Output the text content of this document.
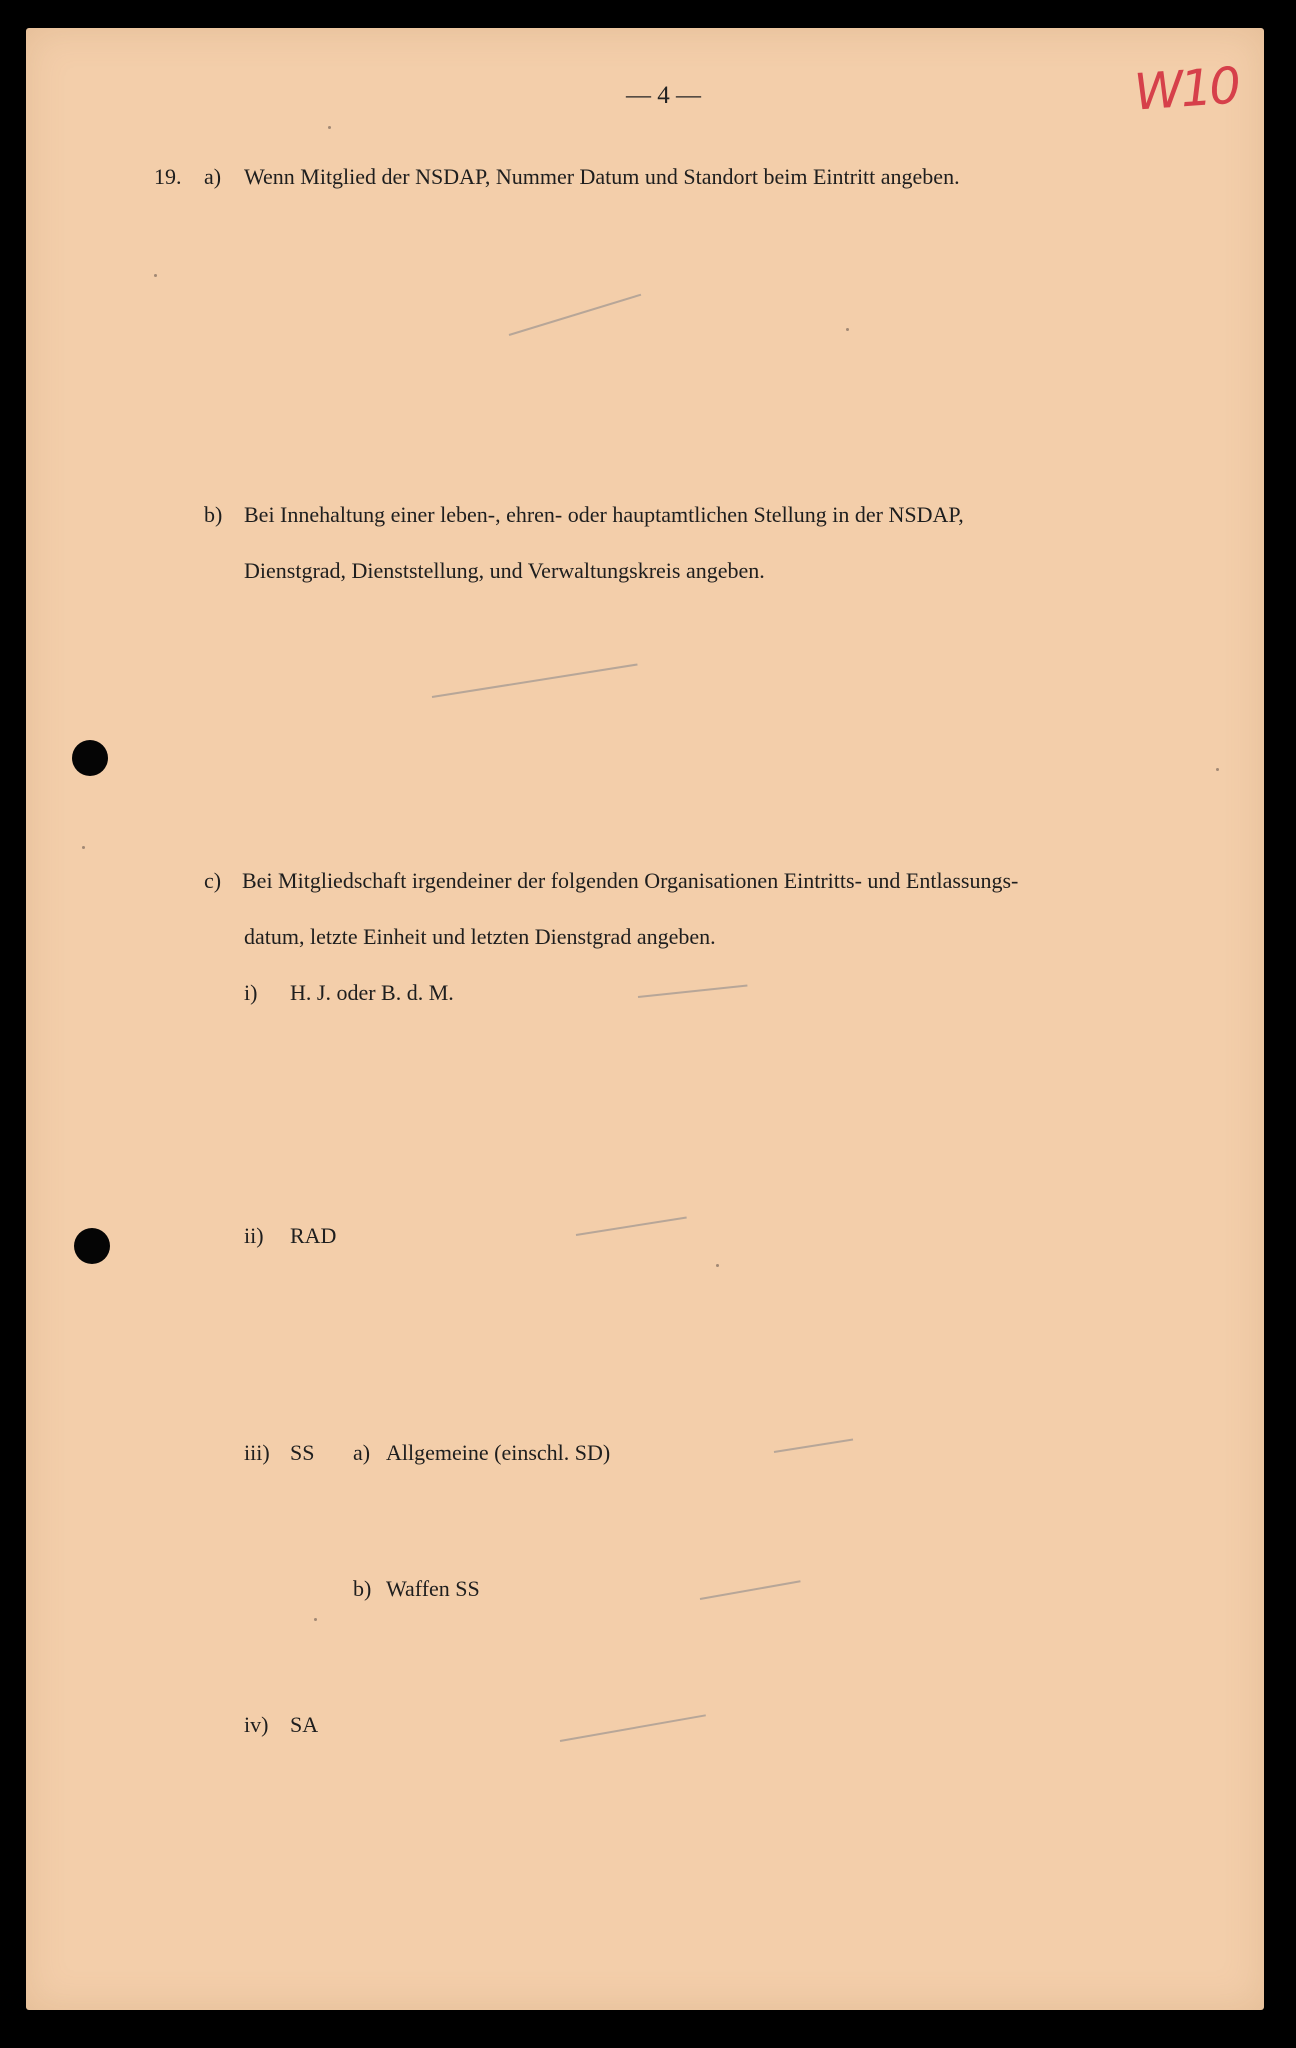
— 4 —	W10
19. a) Wenn Mitglied der NSDAP, Nummer Datum und Standort beim Eintritt angeben.
b) Bei Innehaltung einer leben-, ehren- oder hauptamtlichen Stellung in der NSDAP,
Dienstgrad, Dienststellung, und Verwaltungskreis angeben.
c) Bei Mitgliedschaft irgendeiner der folgenden Organisationen Eintritts- und Entlassungs-
datum, letzte Einheit und letzten Dienstgrad angeben.
i) H. J. oder B. d. M.
ii) RAD
iii) SS a) Allgemeine (einschl. SD)
b) Waffen SS
iv) SA
